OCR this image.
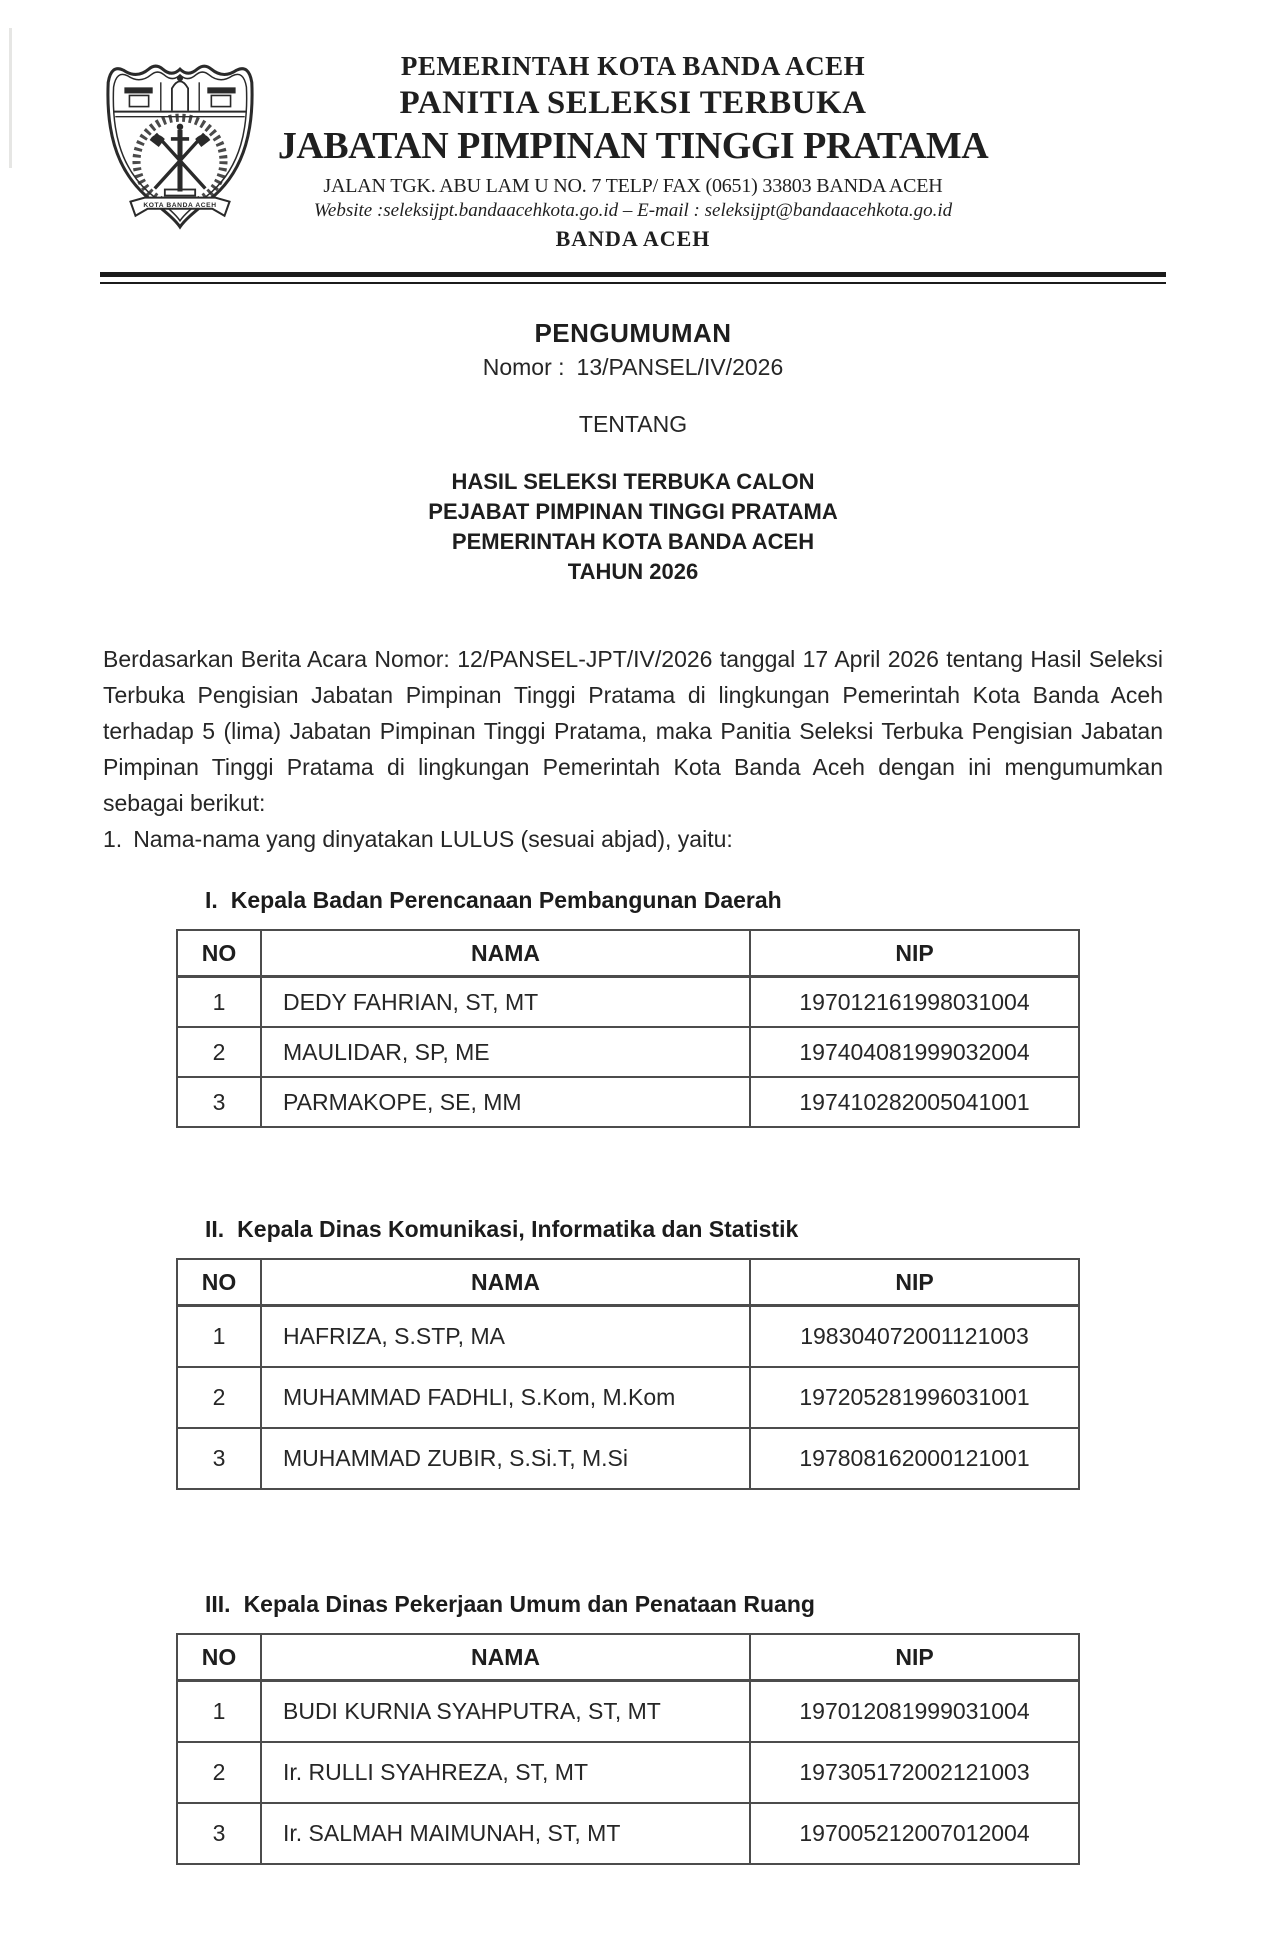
KOTA BANDA ACEH
PEMERINTAH KOTA BANDA ACEH
PANITIA SELEKSI TERBUKA
JABATAN PIMPINAN TINGGI PRATAMA
JALAN TGK. ABU LAM U NO. 7 TELP/ FAX (0651) 33803 BANDA ACEH
Website :seleksijpt.bandaacehkota.go.id – E-mail : seleksijpt@bandaacehkota.go.id
BANDA ACEH
PENGUMUMAN
Nomor : 13/PANSEL/IV/2026
TENTANG
HASIL SELEKSI TERBUKA CALON
PEJABAT PIMPINAN TINGGI PRATAMA
PEMERINTAH KOTA BANDA ACEH
TAHUN 2026

Berdasarkan Berita Acara Nomor: 12/PANSEL-JPT/IV/2026 tanggal 17 April 2026 tentang Hasil Seleksi Terbuka Pengisian Jabatan Pimpinan Tinggi Pratama di lingkungan Pemerintah Kota Banda Aceh terhadap 5 (lima) Jabatan Pimpinan Tinggi Pratama, maka Panitia Seleksi Terbuka Pengisian Jabatan Pimpinan Tinggi Pratama di lingkungan Pemerintah Kota Banda Aceh dengan ini mengumumkan sebagai berikut:

1. Nama-nama yang dinyatakan LULUS (sesuai abjad), yaitu:
I. Kepala Badan Perencanaan Pembangunan Daerah
NO	NAMA	NIP
1	DEDY FAHRIAN, ST, MT	197012161998031004
2	MAULIDAR, SP, ME	197404081999032004
3	PARMAKOPE, SE, MM	197410282005041001
II. Kepala Dinas Komunikasi, Informatika dan Statistik
NO	NAMA	NIP
1	HAFRIZA, S.STP, MA	198304072001121003
2	MUHAMMAD FADHLI, S.Kom, M.Kom	197205281996031001
3	MUHAMMAD ZUBIR, S.Si.T, M.Si	197808162000121001
III. Kepala Dinas Pekerjaan Umum dan Penataan Ruang
NO	NAMA	NIP
1	BUDI KURNIA SYAHPUTRA, ST, MT	197012081999031004
2	Ir. RULLI SYAHREZA, ST, MT	197305172002121003
3	Ir. SALMAH MAIMUNAH, ST, MT	197005212007012004
